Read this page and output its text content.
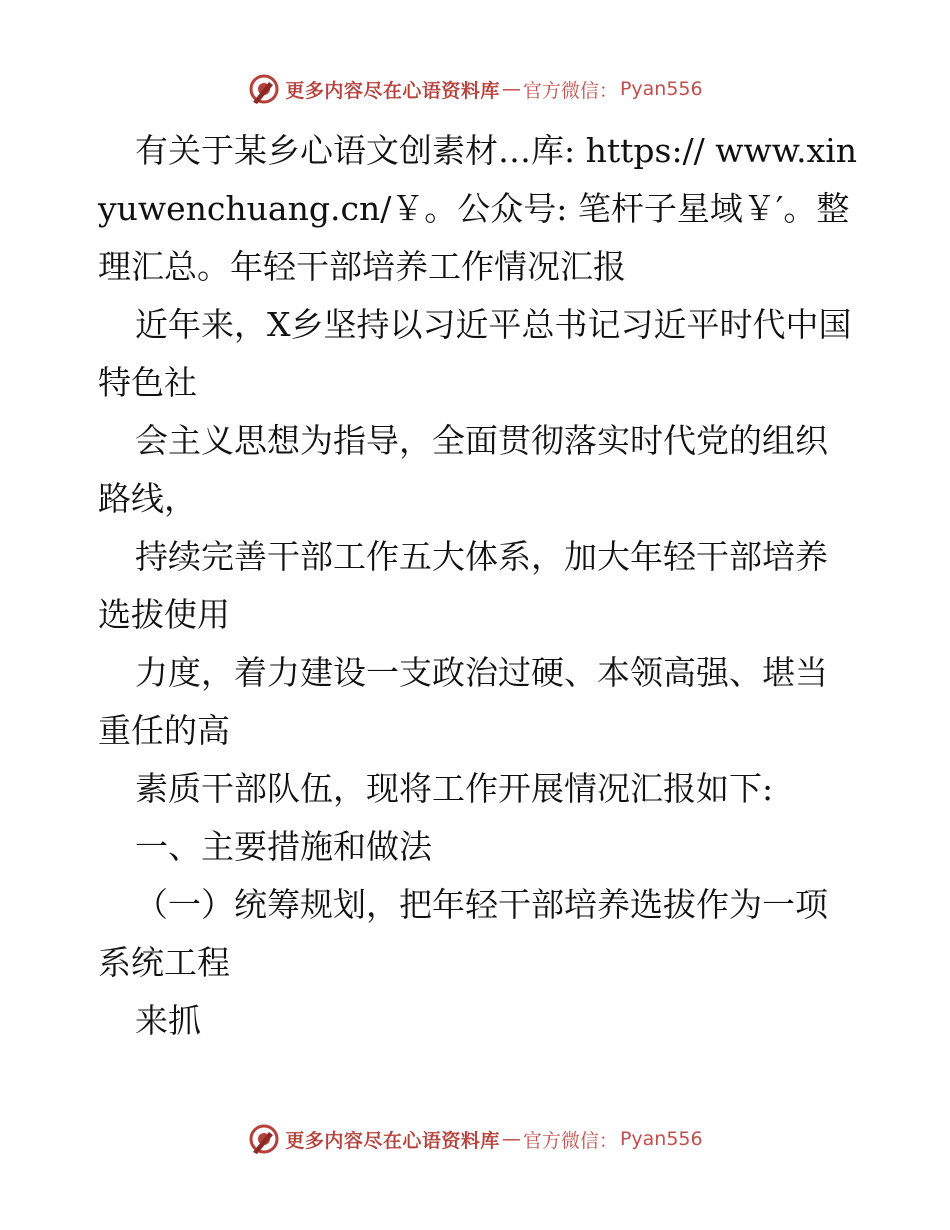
更多内容尽在心语资料库 — 官方微信： Pyan556

有关于某乡心语文创素材…库: https:// www.xinyuwenchuang.cn/￥。公众号: 笔杆子星域￥′。整理汇总。年轻干部培养工作情况汇报

近年来，X乡坚持以习近平总书记习近平时代中国特色社

会主义思想为指导，全面贯彻落实时代党的组织路线，

持续完善干部工作五大体系，加大年轻干部培养选拔使用

力度，着力建设一支政治过硬、本领高强、堪当重任的高

素质干部队伍，现将工作开展情况汇报如下:

一、主要措施和做法

（一）统筹规划，把年轻干部培养选拔作为一项系统工程

来抓

更多内容尽在心语资料库 — 官方微信： Pyan556
